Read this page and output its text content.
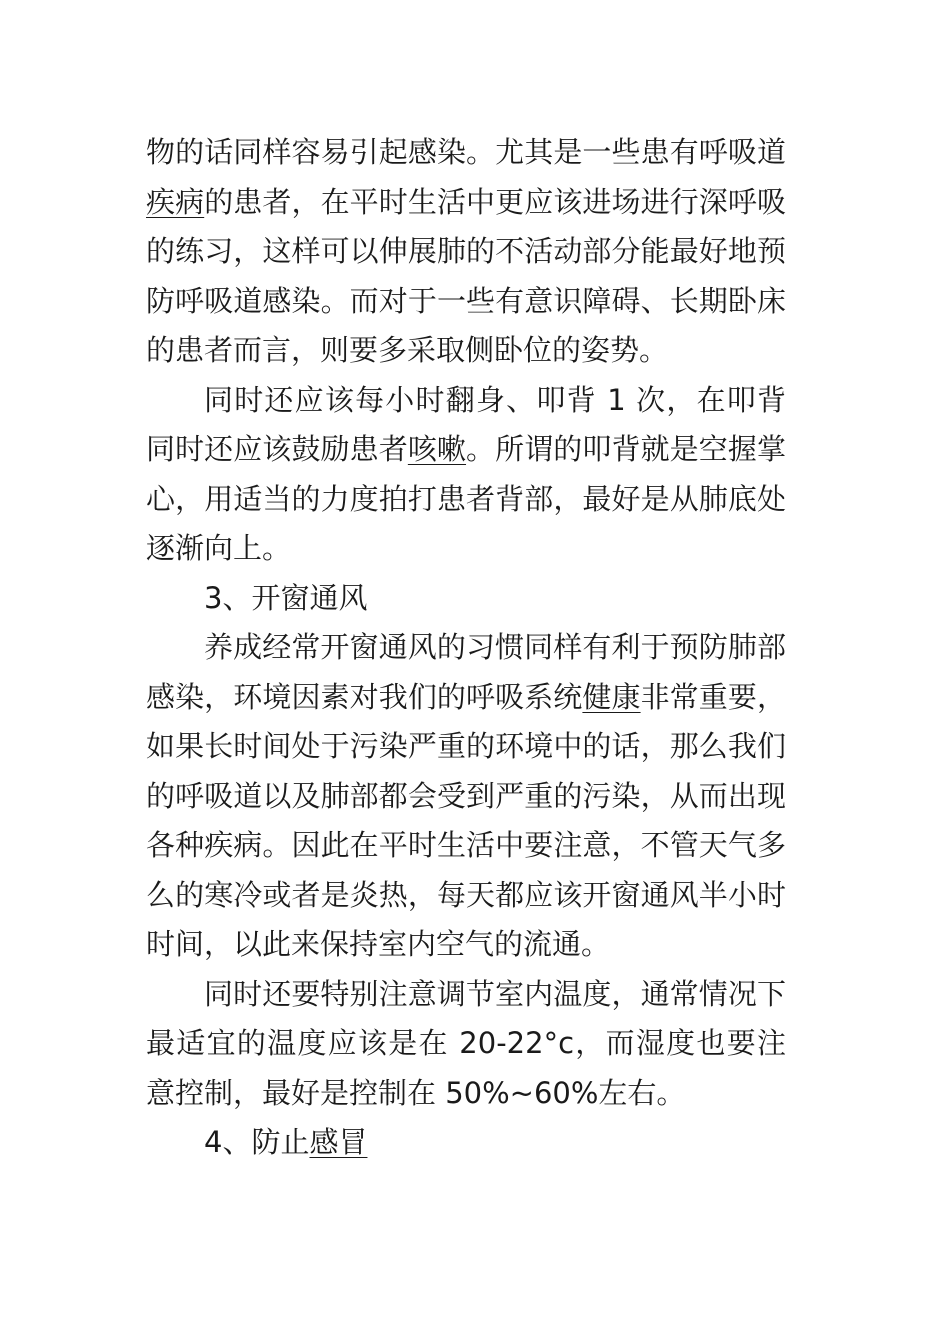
物的话同样容易引起感染。尤其是一些患有呼吸道疾病的患者，在平时生活中更应该进场进行深呼吸的练习，这样可以伸展肺的不活动部分能最好地预防呼吸道感染。而对于一些有意识障碍、长期卧床的患者而言，则要多采取侧卧位的姿势。

同时还应该每小时翻身、叩背 1 次，在叩背同时还应该鼓励患者咳嗽。所谓的叩背就是空握掌心，用适当的力度拍打患者背部，最好是从肺底处逐渐向上。

3、开窗通风

养成经常开窗通风的习惯同样有利于预防肺部感染，环境因素对我们的呼吸系统健康非常重要，如果长时间处于污染严重的环境中的话，那么我们的呼吸道以及肺部都会受到严重的污染，从而出现各种疾病。因此在平时生活中要注意，不管天气多么的寒冷或者是炎热，每天都应该开窗通风半小时时间，以此来保持室内空气的流通。

同时还要特别注意调节室内温度，通常情况下最适宜的温度应该是在 20-22°c，而湿度也要注意控制，最好是控制在 50%~60%左右。

4、防止感冒
